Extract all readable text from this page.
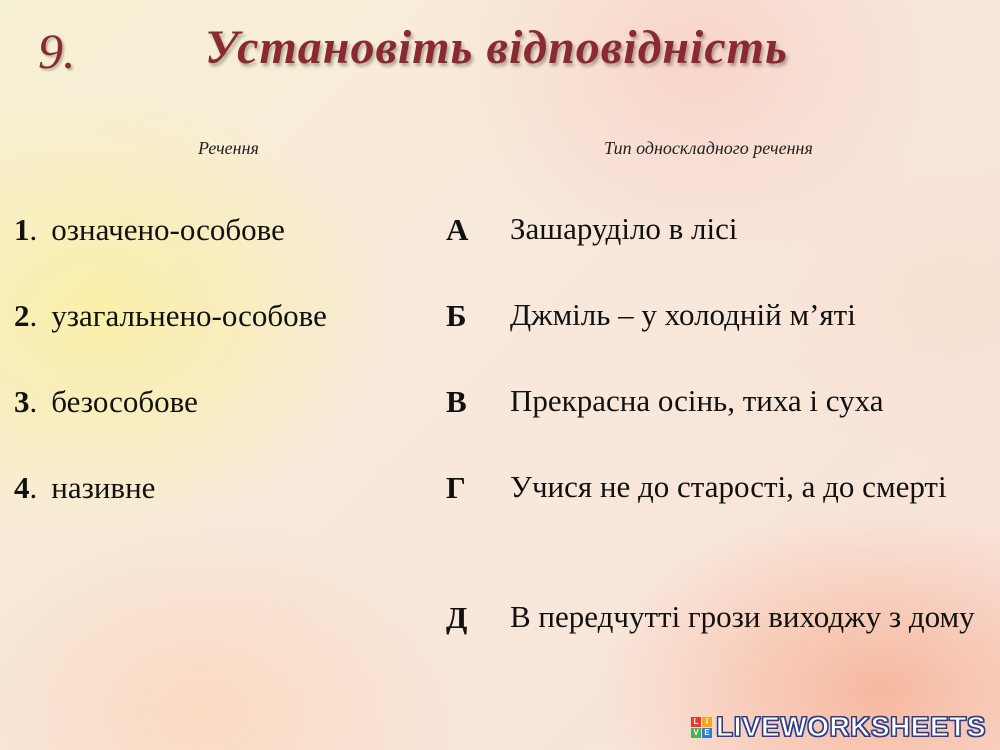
9.	Установіть відповідність
Речення	Тип односкладного речення
1. означено-особове
2. узагальнено-особове
3. безособове
4. називне
А	Зашаруділо в лісі
Б	Джміль – у холодній м’яті
В	Прекрасна осінь, тиха і суха
Г	Учися не до старості, а до смерті
Д	В передчутті грози виходжу з дому
L I
V E LIVEWORKSHEETS
